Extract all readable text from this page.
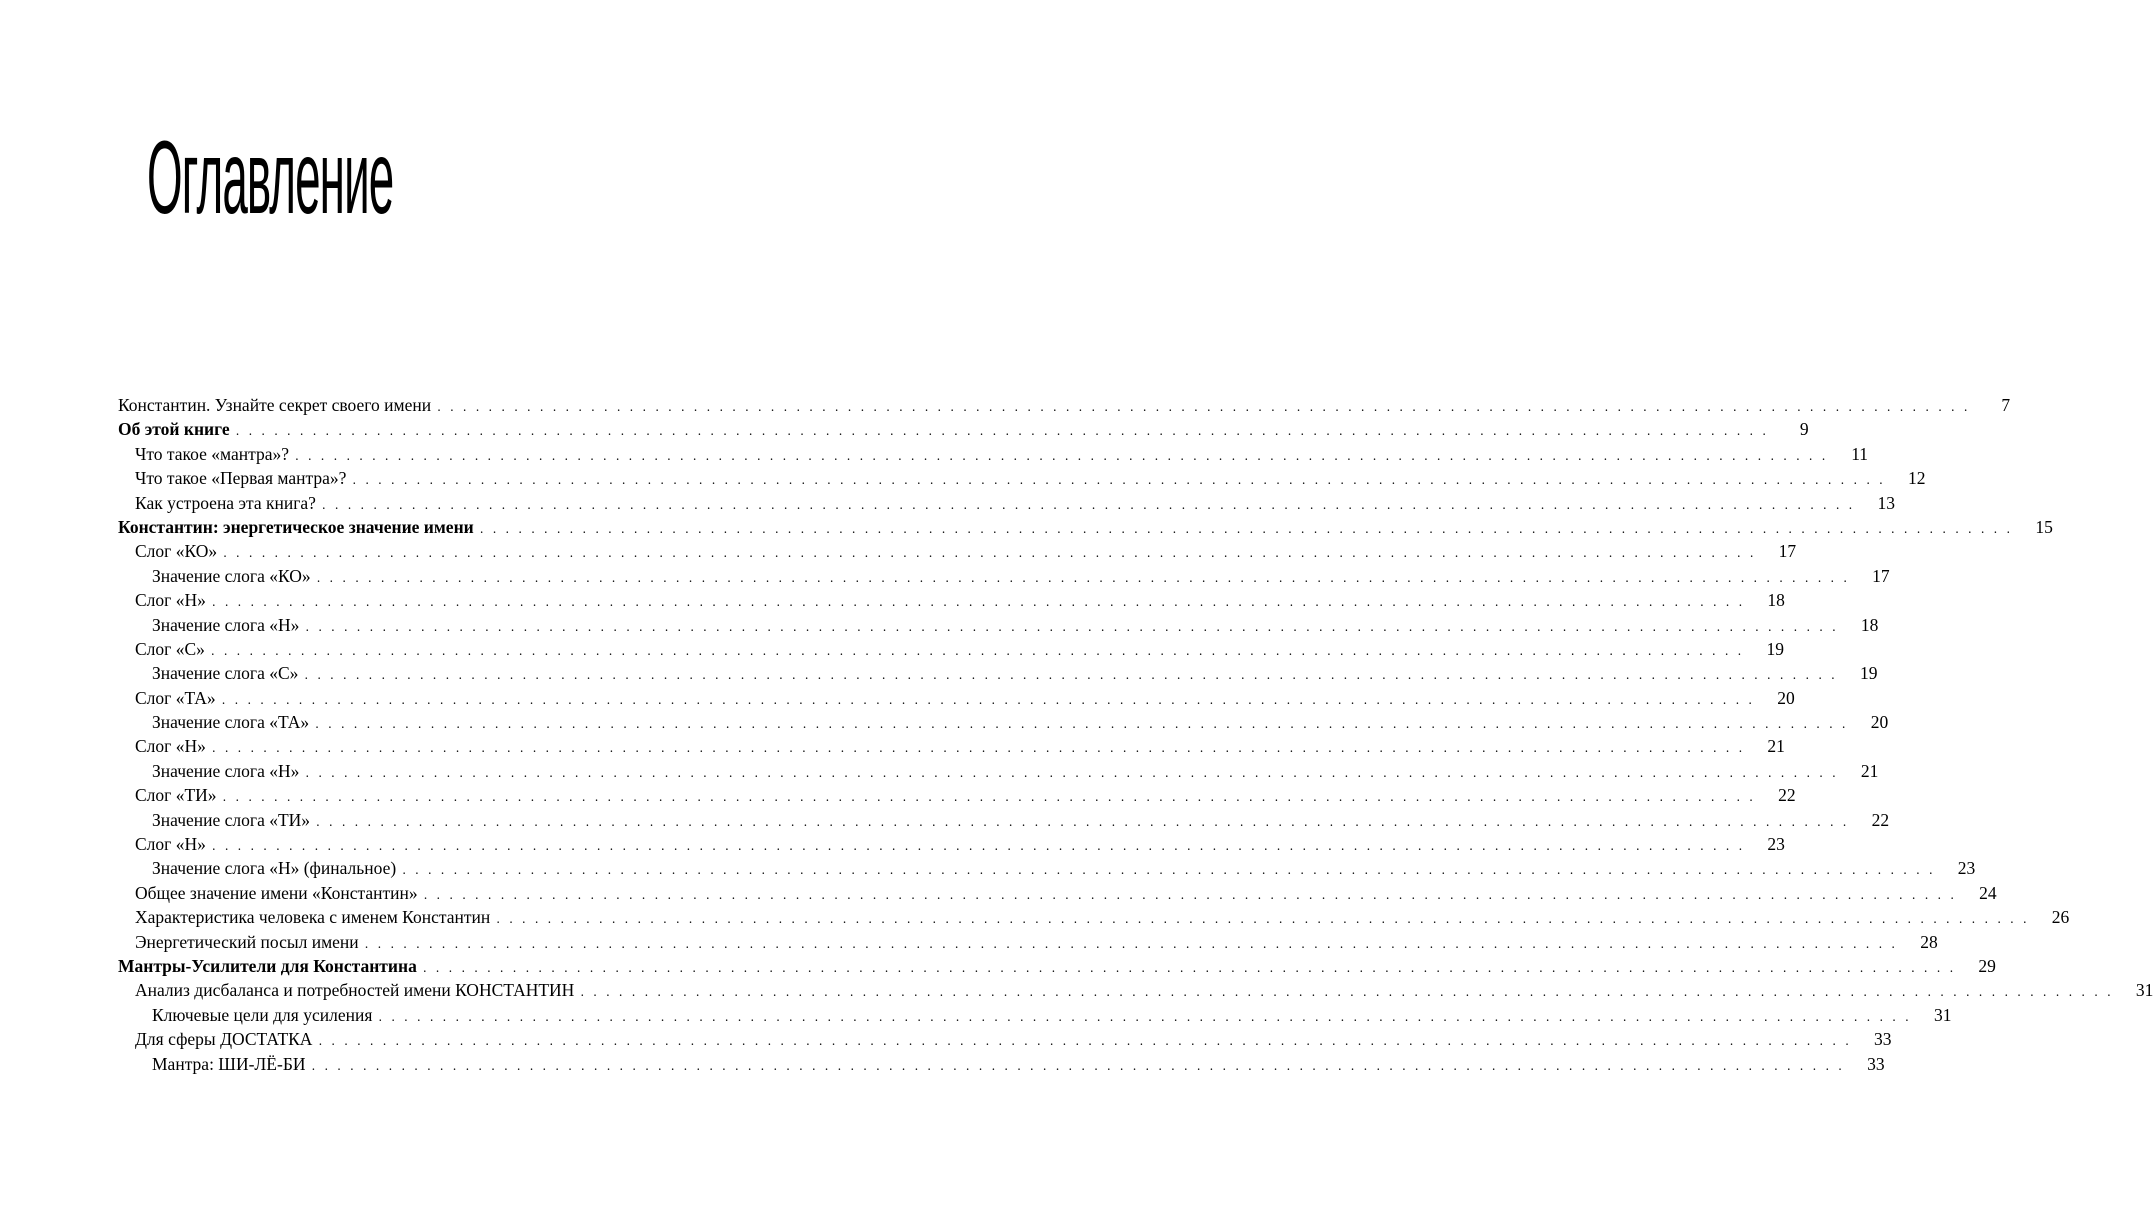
Оглавление
Константин. Узнайте секрет своего имени . . . . . . . . . . . . . . . . . . . . . . . . . . . . . . . . . . . . . . . . . . . . . . . . . . . . . . . . . . . . . . . . . . . . . . . . . . . . . . . . . . . . . . . . . . . . . . . . . . . . . . . . . . . . . . . . . . . . . . . .	7
Об этой книге . . . . . . . . . . . . . . . . . . . . . . . . . . . . . . . . . . . . . . . . . . . . . . . . . . . . . . . . . . . . . . . . . . . . . . . . . . . . . . . . . . . . . . . . . . . . . . . . . . . . . . . . . . . . . . . . . . . . . . . .	9
Что такое «мантра»? . . . . . . . . . . . . . . . . . . . . . . . . . . . . . . . . . . . . . . . . . . . . . . . . . . . . . . . . . . . . . . . . . . . . . . . . . . . . . . . . . . . . . . . . . . . . . . . . . . . . . . . . . . . . . . . . . . . . . . . .	11
Что такое «Первая мантра»? . . . . . . . . . . . . . . . . . . . . . . . . . . . . . . . . . . . . . . . . . . . . . . . . . . . . . . . . . . . . . . . . . . . . . . . . . . . . . . . . . . . . . . . . . . . . . . . . . . . . . . . . . . . . . . . . . . . . . . . .	12
Как устроена эта книга? . . . . . . . . . . . . . . . . . . . . . . . . . . . . . . . . . . . . . . . . . . . . . . . . . . . . . . . . . . . . . . . . . . . . . . . . . . . . . . . . . . . . . . . . . . . . . . . . . . . . . . . . . . . . . . . . . . . . . . . .	13
Константин: энергетическое значение имени . . . . . . . . . . . . . . . . . . . . . . . . . . . . . . . . . . . . . . . . . . . . . . . . . . . . . . . . . . . . . . . . . . . . . . . . . . . . . . . . . . . . . . . . . . . . . . . . . . . . . . . . . . . . . . . . . . . . . . . .	15
Слог «КО» . . . . . . . . . . . . . . . . . . . . . . . . . . . . . . . . . . . . . . . . . . . . . . . . . . . . . . . . . . . . . . . . . . . . . . . . . . . . . . . . . . . . . . . . . . . . . . . . . . . . . . . . . . . . . . . . . . . . . . . .	17
Значение слога «КО» . . . . . . . . . . . . . . . . . . . . . . . . . . . . . . . . . . . . . . . . . . . . . . . . . . . . . . . . . . . . . . . . . . . . . . . . . . . . . . . . . . . . . . . . . . . . . . . . . . . . . . . . . . . . . . . . . . . . . . . .	17
Слог «Н» . . . . . . . . . . . . . . . . . . . . . . . . . . . . . . . . . . . . . . . . . . . . . . . . . . . . . . . . . . . . . . . . . . . . . . . . . . . . . . . . . . . . . . . . . . . . . . . . . . . . . . . . . . . . . . . . . . . . . . . .	18
Значение слога «Н» . . . . . . . . . . . . . . . . . . . . . . . . . . . . . . . . . . . . . . . . . . . . . . . . . . . . . . . . . . . . . . . . . . . . . . . . . . . . . . . . . . . . . . . . . . . . . . . . . . . . . . . . . . . . . . . . . . . . . . . .	18
Слог «С» . . . . . . . . . . . . . . . . . . . . . . . . . . . . . . . . . . . . . . . . . . . . . . . . . . . . . . . . . . . . . . . . . . . . . . . . . . . . . . . . . . . . . . . . . . . . . . . . . . . . . . . . . . . . . . . . . . . . . . . .	19
Значение слога «С» . . . . . . . . . . . . . . . . . . . . . . . . . . . . . . . . . . . . . . . . . . . . . . . . . . . . . . . . . . . . . . . . . . . . . . . . . . . . . . . . . . . . . . . . . . . . . . . . . . . . . . . . . . . . . . . . . . . . . . . .	19
Слог «ТА» . . . . . . . . . . . . . . . . . . . . . . . . . . . . . . . . . . . . . . . . . . . . . . . . . . . . . . . . . . . . . . . . . . . . . . . . . . . . . . . . . . . . . . . . . . . . . . . . . . . . . . . . . . . . . . . . . . . . . . . .	20
Значение слога «ТА» . . . . . . . . . . . . . . . . . . . . . . . . . . . . . . . . . . . . . . . . . . . . . . . . . . . . . . . . . . . . . . . . . . . . . . . . . . . . . . . . . . . . . . . . . . . . . . . . . . . . . . . . . . . . . . . . . . . . . . . .	20
Слог «Н» . . . . . . . . . . . . . . . . . . . . . . . . . . . . . . . . . . . . . . . . . . . . . . . . . . . . . . . . . . . . . . . . . . . . . . . . . . . . . . . . . . . . . . . . . . . . . . . . . . . . . . . . . . . . . . . . . . . . . . . .	21
Значение слога «Н» . . . . . . . . . . . . . . . . . . . . . . . . . . . . . . . . . . . . . . . . . . . . . . . . . . . . . . . . . . . . . . . . . . . . . . . . . . . . . . . . . . . . . . . . . . . . . . . . . . . . . . . . . . . . . . . . . . . . . . . .	21
Слог «ТИ» . . . . . . . . . . . . . . . . . . . . . . . . . . . . . . . . . . . . . . . . . . . . . . . . . . . . . . . . . . . . . . . . . . . . . . . . . . . . . . . . . . . . . . . . . . . . . . . . . . . . . . . . . . . . . . . . . . . . . . . .	22
Значение слога «ТИ» . . . . . . . . . . . . . . . . . . . . . . . . . . . . . . . . . . . . . . . . . . . . . . . . . . . . . . . . . . . . . . . . . . . . . . . . . . . . . . . . . . . . . . . . . . . . . . . . . . . . . . . . . . . . . . . . . . . . . . . .	22
Слог «Н» . . . . . . . . . . . . . . . . . . . . . . . . . . . . . . . . . . . . . . . . . . . . . . . . . . . . . . . . . . . . . . . . . . . . . . . . . . . . . . . . . . . . . . . . . . . . . . . . . . . . . . . . . . . . . . . . . . . . . . . .	23
Значение слога «Н» (финальное) . . . . . . . . . . . . . . . . . . . . . . . . . . . . . . . . . . . . . . . . . . . . . . . . . . . . . . . . . . . . . . . . . . . . . . . . . . . . . . . . . . . . . . . . . . . . . . . . . . . . . . . . . . . . . . . . . . . . . . . .	23
Общее значение имени «Константин» . . . . . . . . . . . . . . . . . . . . . . . . . . . . . . . . . . . . . . . . . . . . . . . . . . . . . . . . . . . . . . . . . . . . . . . . . . . . . . . . . . . . . . . . . . . . . . . . . . . . . . . . . . . . . . . . . . . . . . . .	24
Характеристика человека с именем Константин . . . . . . . . . . . . . . . . . . . . . . . . . . . . . . . . . . . . . . . . . . . . . . . . . . . . . . . . . . . . . . . . . . . . . . . . . . . . . . . . . . . . . . . . . . . . . . . . . . . . . . . . . . . . . . . . . . . . . . . .	26
Энергетический посыл имени . . . . . . . . . . . . . . . . . . . . . . . . . . . . . . . . . . . . . . . . . . . . . . . . . . . . . . . . . . . . . . . . . . . . . . . . . . . . . . . . . . . . . . . . . . . . . . . . . . . . . . . . . . . . . . . . . . . . . . . .	28
Мантры-Усилители для Константина . . . . . . . . . . . . . . . . . . . . . . . . . . . . . . . . . . . . . . . . . . . . . . . . . . . . . . . . . . . . . . . . . . . . . . . . . . . . . . . . . . . . . . . . . . . . . . . . . . . . . . . . . . . . . . . . . . . . . . . .	29
Анализ дисбаланса и потребностей имени КОНСТАНТИН . . . . . . . . . . . . . . . . . . . . . . . . . . . . . . . . . . . . . . . . . . . . . . . . . . . . . . . . . . . . . . . . . . . . . . . . . . . . . . . . . . . . . . . . . . . . . . . . . . . . . . . . . . . . . . . . . . . . . . . .	31
Ключевые цели для усиления . . . . . . . . . . . . . . . . . . . . . . . . . . . . . . . . . . . . . . . . . . . . . . . . . . . . . . . . . . . . . . . . . . . . . . . . . . . . . . . . . . . . . . . . . . . . . . . . . . . . . . . . . . . . . . . . . . . . . . . .	31
Для сферы ДОСТАТКА . . . . . . . . . . . . . . . . . . . . . . . . . . . . . . . . . . . . . . . . . . . . . . . . . . . . . . . . . . . . . . . . . . . . . . . . . . . . . . . . . . . . . . . . . . . . . . . . . . . . . . . . . . . . . . . . . . . . . . . .	33
Мантра: ШИ-ЛЁ-БИ . . . . . . . . . . . . . . . . . . . . . . . . . . . . . . . . . . . . . . . . . . . . . . . . . . . . . . . . . . . . . . . . . . . . . . . . . . . . . . . . . . . . . . . . . . . . . . . . . . . . . . . . . . . . . . . . . . . . . . . .	33
